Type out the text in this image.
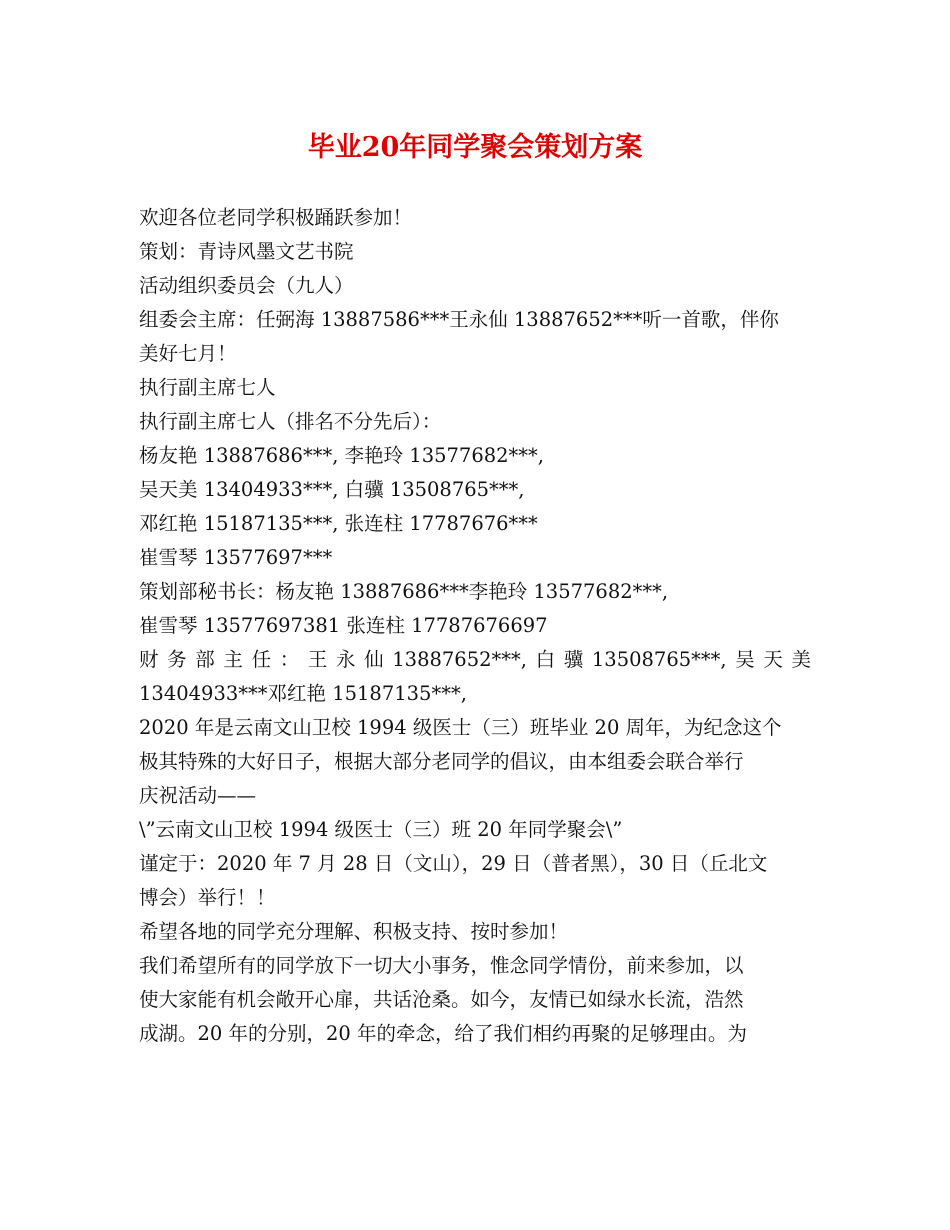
毕业20年同学聚会策划方案
欢迎各位老同学积极踊跃参加！
策划：青诗风墨文艺书院
活动组织委员会（九人）
组委会主席：任弼海 13887586***王永仙 13887652***听一首歌，伴你
美好七月！
执行副主席七人
执行副主席七人（排名不分先后）：
杨友艳 13887686***, 李艳玲 13577682***,
吴天美 13404933***, 白骥 13508765***,
邓红艳 15187135***, 张连柱 17787676***
崔雪琴 13577697***
策划部秘书长：杨友艳 13887686***李艳玲 13577682***,
崔雪琴 13577697381 张连柱 17787676697
财 务 部 主 任 ： 王 永 仙 13887652***, 白 骥 13508765***, 吴 天 美
13404933***邓红艳 15187135***,
2020 年是云南文山卫校 1994 级医士（三）班毕业 20 周年，为纪念这个
极其特殊的大好日子，根据大部分老同学的倡议，由本组委会联合举行
庆祝活动——
\”云南文山卫校 1994 级医士（三）班 20 年同学聚会\”
谨定于：2020 年 7 月 28 日（文山），29 日（普者黑），30 日（丘北文
博会）举行！！
希望各地的同学充分理解、积极支持、按时参加！
我们希望所有的同学放下一切大小事务，惟念同学情份，前来参加，以
使大家能有机会敞开心扉，共话沧桑。如今，友情已如绿水长流，浩然
成湖。20 年的分别，20 年的牵念，给了我们相约再聚的足够理由。为
